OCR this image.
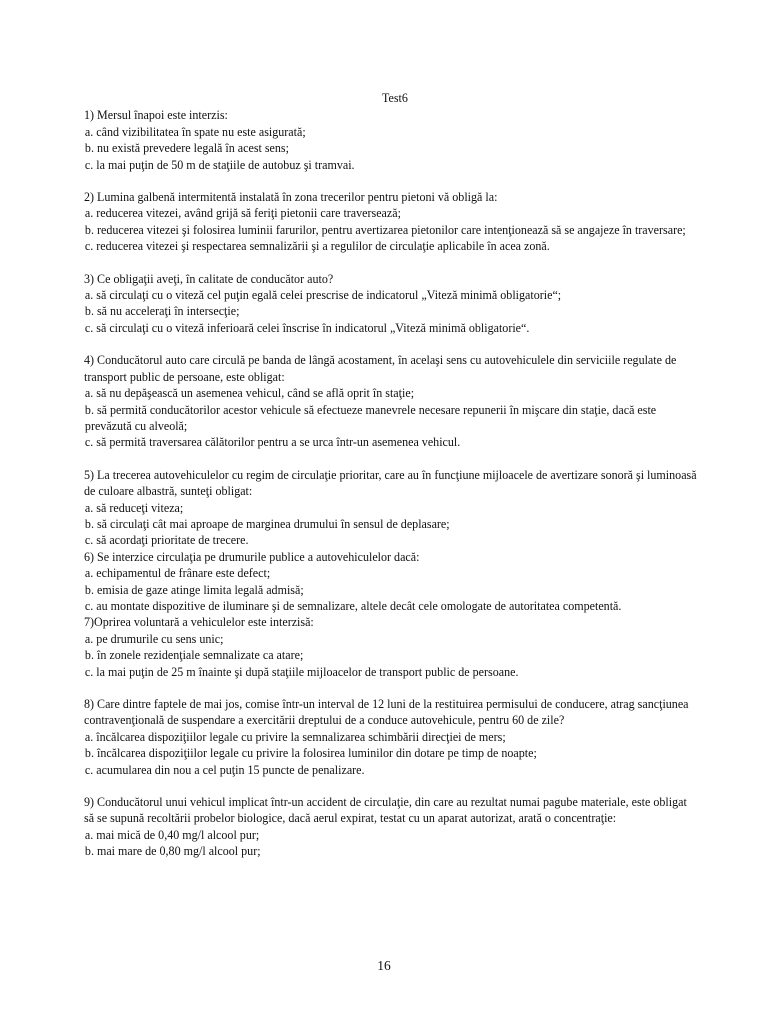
Test6

1) Mersul înapoi este interzis:
a. când vizibilitatea în spate nu este asigurată;
b. nu există prevedere legală în acest sens;
c. la mai puţin de 50 m de staţiile de autobuz şi tramvai.
2) Lumina galbenă intermitentă instalată în zona trecerilor pentru pietoni vă obligă la:
a. reducerea vitezei, având grijă să feriţi pietonii care traversează;
b. reducerea vitezei şi folosirea luminii farurilor, pentru avertizarea pietonilor care intenţionează să se angajeze în traversare;
c. reducerea vitezei şi respectarea semnalizării şi a regulilor de circulaţie aplicabile în acea zonă.
3) Ce obligaţii aveţi, în calitate de conducător auto?
a. să circulaţi cu o viteză cel puţin egală celei prescrise de indicatorul „Viteză minimă obligatorie“;
b. să nu acceleraţi în intersecţie;
c. să circulaţi cu o viteză inferioară celei înscrise în indicatorul „Viteză minimă obligatorie“.
4) Conducătorul auto care circulă pe banda de lângă acostament, în acelaşi sens cu autovehiculele din serviciile regulate de transport public de persoane, este obligat:
a. să nu depăşească un asemenea vehicul, când se află oprit în staţie;
b. să permită conducătorilor acestor vehicule să efectueze manevrele necesare repunerii în mişcare din staţie, dacă este prevăzută cu alveolă;
c. să permită traversarea călătorilor pentru a se urca într-un asemenea vehicul.
5) La trecerea autovehiculelor cu regim de circulaţie prioritar, care au în funcţiune mijloacele de avertizare sonoră şi luminoasă de culoare albastră, sunteţi obligat:
a. să reduceţi viteza;
b. să circulaţi cât mai aproape de marginea drumului în sensul de deplasare;
c. să acordaţi prioritate de trecere.
6) Se interzice circulaţia pe drumurile publice a autovehiculelor dacă:
a. echipamentul de frânare este defect;
b. emisia de gaze atinge limita legală admisă;
c. au montate dispozitive de iluminare şi de semnalizare, altele decât cele omologate de autoritatea competentă.
7)Oprirea voluntară a vehiculelor este interzisă:
a. pe drumurile cu sens unic;
b. în zonele rezidenţiale semnalizate ca atare;
c. la mai puţin de 25 m înainte şi după staţiile mijloacelor de transport public de persoane.
8) Care dintre faptele de mai jos, comise într-un interval de 12 luni de la restituirea permisului de conducere, atrag sancţiunea contravenţională de suspendare a exercitării dreptului de a conduce autovehicule, pentru 60 de zile?
a. încălcarea dispoziţiilor legale cu privire la semnalizarea schimbării direcţiei de mers;
b. încălcarea dispoziţiilor legale cu privire la folosirea luminilor din dotare pe timp de noapte;
c. acumularea din nou a cel puţin 15 puncte de penalizare.
9) Conducătorul unui vehicul implicat într-un accident de circulaţie, din care au rezultat numai pagube materiale, este obligat să se supună recoltării probelor biologice, dacă aerul expirat, testat cu un aparat autorizat, arată o concentraţie:
a. mai mică de 0,40 mg/l alcool pur;
b. mai mare de 0,80 mg/l alcool pur;
16
